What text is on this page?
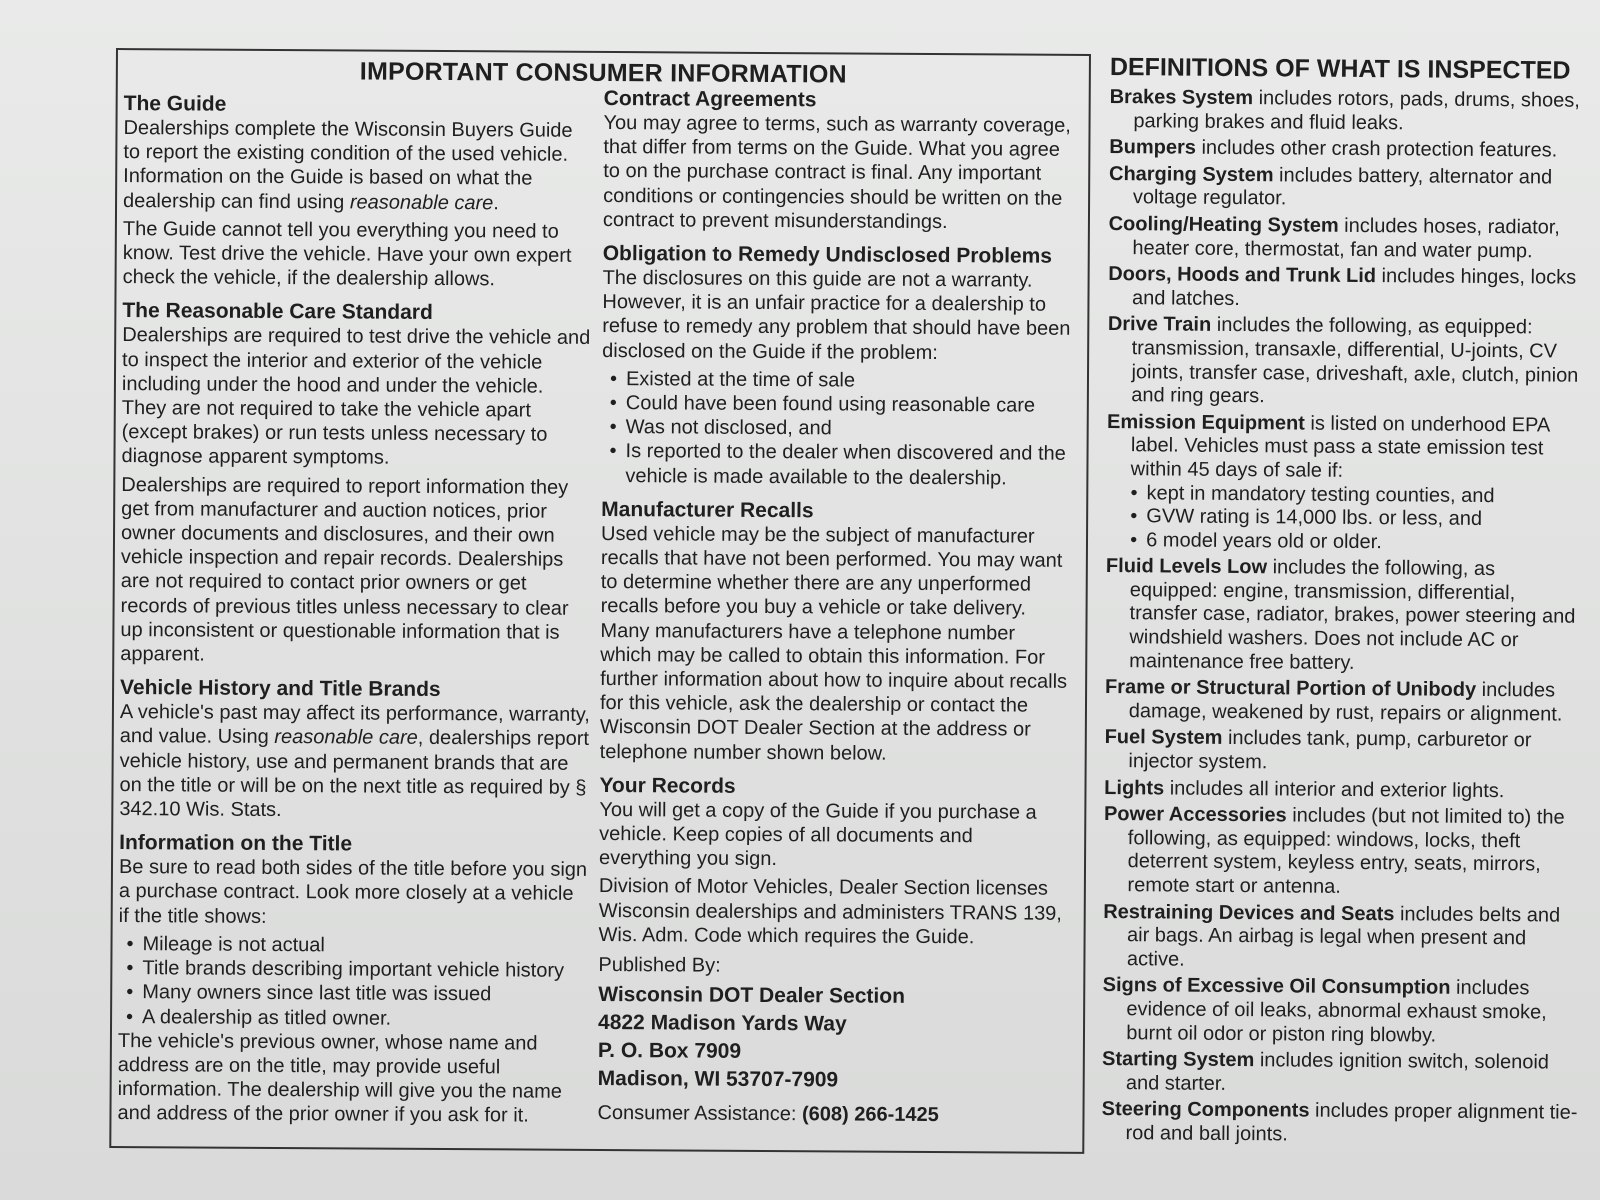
IMPORTANT CONSUMER INFORMATION
The Guide
Dealerships complete the Wisconsin Buyers Guide to report the existing condition of the used vehicle. Information on the Guide is based on what the dealership can find using reasonable care.
The Guide cannot tell you everything you need to know. Test drive the vehicle. Have your own expert check the vehicle, if the dealership allows.
The Reasonable Care Standard
Dealerships are required to test drive the vehicle and to inspect the interior and exterior of the vehicle including under the hood and under the vehicle. They are not required to take the vehicle apart (except brakes) or run tests unless necessary to diagnose apparent symptoms.
Dealerships are required to report information they get from manufacturer and auction notices, prior owner documents and disclosures, and their own vehicle inspection and repair records. Dealerships are not required to contact prior owners or get records of previous titles unless necessary to clear up inconsistent or questionable information that is apparent.
Vehicle History and Title Brands
A vehicle's past may affect its performance, warranty, and value. Using reasonable care, dealerships report vehicle history, use and permanent brands that are on the title or will be on the next title as required by § 342.10 Wis. Stats.
Information on the Title
Be sure to read both sides of the title before you sign a purchase contract. Look more closely at a vehicle if the title shows:
• Mileage is not actual
• Title brands describing important vehicle history
• Many owners since last title was issued
• A dealership as titled owner.
The vehicle's previous owner, whose name and address are on the title, may provide useful information. The dealership will give you the name and address of the prior owner if you ask for it.
Contract Agreements
You may agree to terms, such as warranty coverage, that differ from terms on the Guide. What you agree to on the purchase contract is final. Any important conditions or contingencies should be written on the contract to prevent misunderstandings.
Obligation to Remedy Undisclosed Problems
The disclosures on this guide are not a warranty. However, it is an unfair practice for a dealership to refuse to remedy any problem that should have been disclosed on the Guide if the problem:
• Existed at the time of sale
• Could have been found using reasonable care
• Was not disclosed, and
• Is reported to the dealer when discovered and the vehicle is made available to the dealership.
Manufacturer Recalls
Used vehicle may be the subject of manufacturer recalls that have not been performed. You may want to determine whether there are any unperformed recalls before you buy a vehicle or take delivery. Many manufacturers have a telephone number which may be called to obtain this information. For further information about how to inquire about recalls for this vehicle, ask the dealership or contact the Wisconsin DOT Dealer Section at the address or telephone number shown below.
Your Records
You will get a copy of the Guide if you purchase a vehicle. Keep copies of all documents and everything you sign.
Division of Motor Vehicles, Dealer Section licenses Wisconsin dealerships and administers TRANS 139, Wis. Adm. Code which requires the Guide.
Published By:
Wisconsin DOT Dealer Section
4822 Madison Yards Way
P. O. Box 7909
Madison, WI 53707-7909
Consumer Assistance: (608) 266-1425
DEFINITIONS OF WHAT IS INSPECTED
Brakes System includes rotors, pads, drums, shoes, parking brakes and fluid leaks.
Bumpers includes other crash protection features.
Charging System includes battery, alternator and voltage regulator.
Cooling/Heating System includes hoses, radiator, heater core, thermostat, fan and water pump.
Doors, Hoods and Trunk Lid includes hinges, locks and latches.
Drive Train includes the following, as equipped: transmission, transaxle, differential, U-joints, CV joints, transfer case, driveshaft, axle, clutch, pinion and ring gears.
Emission Equipment is listed on underhood EPA label. Vehicles must pass a state emission test within 45 days of sale if:
• kept in mandatory testing counties, and
• GVW rating is 14,000 lbs. or less, and
• 6 model years old or older.
Fluid Levels Low includes the following, as equipped: engine, transmission, differential, transfer case, radiator, brakes, power steering and windshield washers. Does not include AC or maintenance free battery.
Frame or Structural Portion of Unibody includes damage, weakened by rust, repairs or alignment.
Fuel System includes tank, pump, carburetor or injector system.
Lights includes all interior and exterior lights.
Power Accessories includes (but not limited to) the following, as equipped: windows, locks, theft deterrent system, keyless entry, seats, mirrors, remote start or antenna.
Restraining Devices and Seats includes belts and air bags. An airbag is legal when present and active.
Signs of Excessive Oil Consumption includes evidence of oil leaks, abnormal exhaust smoke, burnt oil odor or piston ring blowby.
Starting System includes ignition switch, solenoid and starter.
Steering Components includes proper alignment tie-rod and ball joints.
